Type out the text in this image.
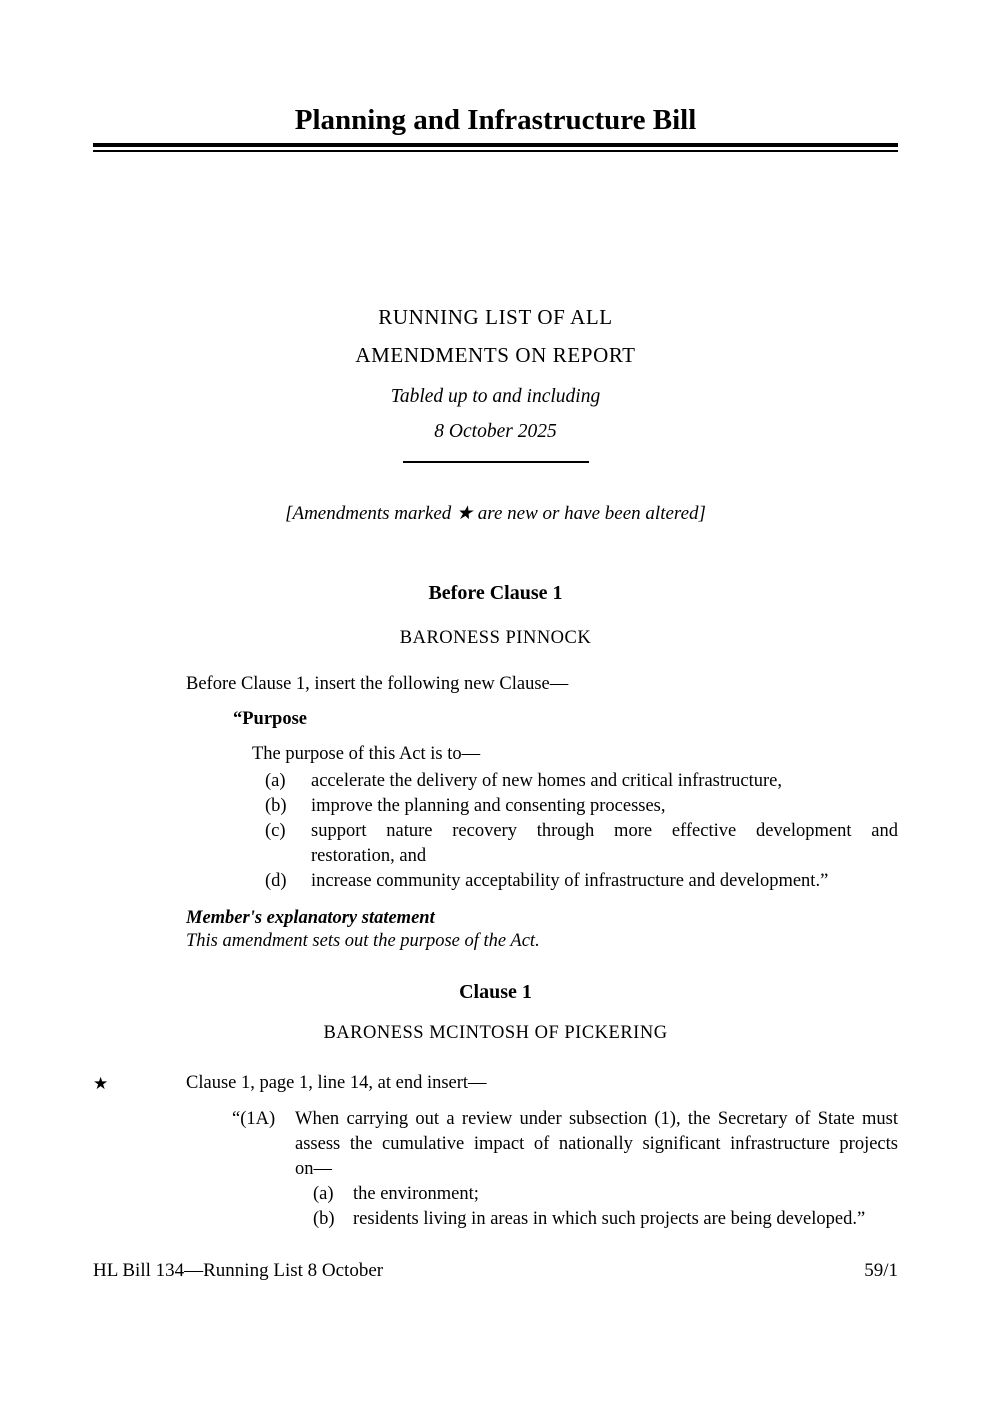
Planning and Infrastructure Bill
RUNNING LIST OF ALL
AMENDMENTS ON REPORT
Tabled up to and including
8 October 2025
[Amendments marked ★ are new or have been altered]
Before Clause 1
BARONESS PINNOCK
Before Clause 1, insert the following new Clause—
“Purpose
The purpose of this Act is to—
(a)	accelerate the delivery of new homes and critical infrastructure,
(b)	improve the planning and consenting processes,
(c)	support nature recovery through more effective development and
restoration, and
(d)	increase community acceptability of infrastructure and development.”
Member's explanatory statement
This amendment sets out the purpose of the Act.
Clause 1
BARONESS MCINTOSH OF PICKERING
★	Clause 1, page 1, line 14, at end insert—
“(1A)	When carrying out a review under subsection (1), the Secretary of State must
assess the cumulative impact of nationally significant infrastructure projects
on—
(a)	the environment;
(b) residents living in areas in which such projects are being developed.”
HL Bill 134—Running List 8 October	59/1
